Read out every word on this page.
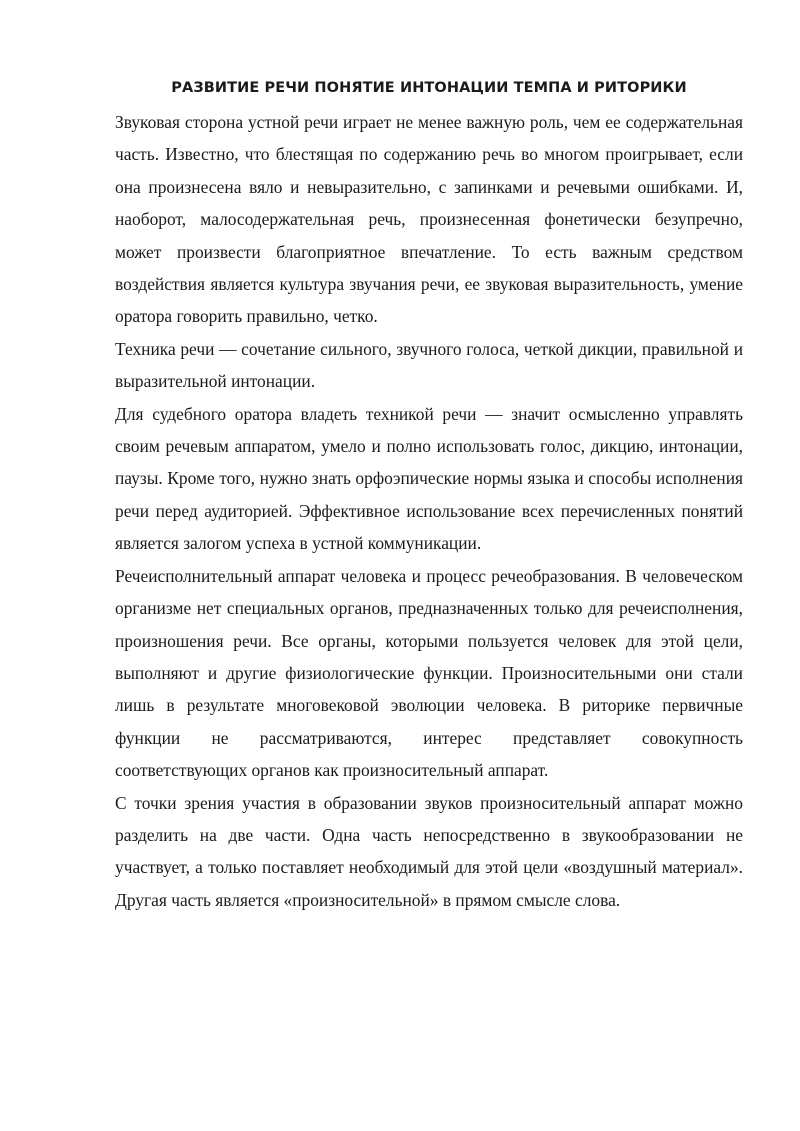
РАЗВИТИЕ РЕЧИ ПОНЯТИЕ ИНТОНАЦИИ ТЕМПА И РИТОРИКИ

Звуковая сторона устной речи играет не менее важную роль, чем ее содержательная часть. Известно, что блестящая по содержанию речь во многом проигрывает, если она произнесена вяло и невыразительно, с запинками и речевыми ошибками. И, наоборот, малосодержательная речь, произнесенная фонетически безупречно, может произвести благоприятное впечатление. То есть важным средством воздействия является культура звучания речи, ее звуковая выразительность, умение оратора говорить правильно, четко.

Техника речи — сочетание сильного, звучного голоса, четкой дикции, правильной и выразительной интонации.

Для судебного оратора владеть техникой речи — значит осмысленно управлять своим речевым аппаратом, умело и полно использовать голос, дикцию, интонации, паузы. Кроме того, нужно знать орфоэпические нормы языка и способы исполнения речи перед аудиторией. Эффективное использование всех перечисленных понятий является залогом успеха в устной коммуникации.

Речеисполнительный аппарат человека и процесс речеобразования. В человеческом организме нет специальных органов, предназначенных только для речеисполнения, произношения речи. Все органы, которыми пользуется человек для этой цели, выполняют и другие физиологические функции. Произносительными они стали лишь в результате многовековой эволюции человека. В риторике первичные функции не рассматриваются, интерес представляет совокупность соответствующих органов как произносительный аппарат.

С точки зрения участия в образовании звуков произносительный аппарат можно разделить на две части. Одна часть непосредственно в звукообразовании не участвует, а только поставляет необходимый для этой цели «воздушный материал». Другая часть является «произносительной» в прямом смысле слова.
